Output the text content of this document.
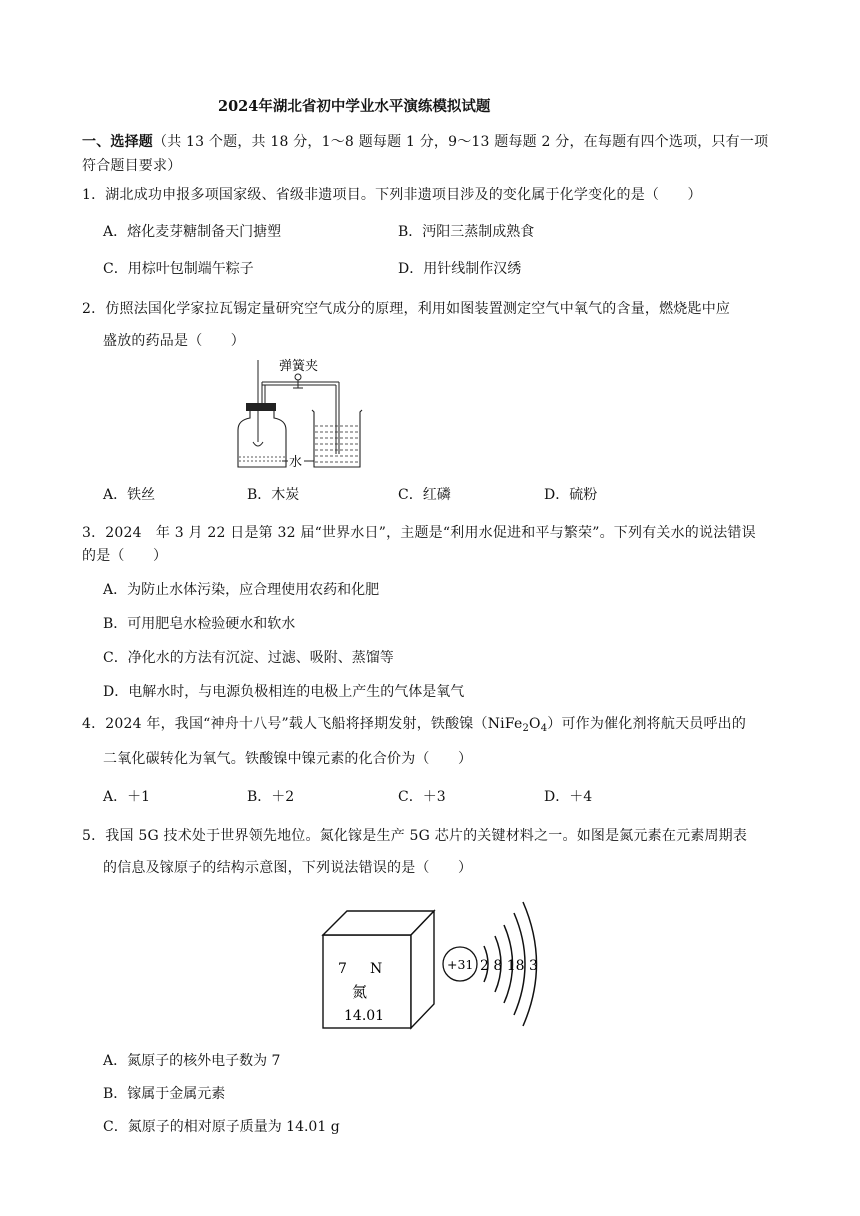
2024年湖北省初中学业水平演练模拟试题
一、选择题（共 13 个题，共 18 分，1～8 题每题 1 分，9～13 题每题 2 分，在每题有四个选项，只有一项
符合题目要求）
1．湖北成功申报多项国家级、省级非遗项目。下列非遗项目涉及的变化属于化学变化的是（　　）
A．熔化麦芽糖制备天门搪塑	B．沔阳三蒸制成熟食
C．用棕叶包制端午粽子	D．用针线制作汉绣
2．仿照法国化学家拉瓦锡定量研究空气成分的原理，利用如图装置测定空气中氧气的含量，燃烧匙中应
盛放的药品是（　　）
弹簧夹
水
A．铁丝	B．木炭	C．红磷	D．硫粉
3．2024　年 3 月 22 日是第 32 届“世界水日”，主题是“利用水促进和平与繁荣”。下列有关水的说法错误
的是（　　）
A．为防止水体污染，应合理使用农药和化肥
B．可用肥皂水检验硬水和软水
C．净化水的方法有沉淀、过滤、吸附、蒸馏等
D．电解水时，与电源负极相连的电极上产生的气体是氧气
4．2024 年，我国“神舟十八号”载人飞船将择期发射，铁酸镍$(NiFe_2O_4)$可作为催化剂将航天员呼出的
二氧化碳转化为氧气。铁酸镍中镍元素的化合价为（　　）
A．＋1	B．＋2	C．＋3	D．＋4
5．我国 5G 技术处于世界领先地位。氮化镓是生产 5G 芯片的关键材料之一。如图是氮元素在元素周期表
的信息及镓原子的结构示意图，下列说法错误的是（　　）
7 N
氮
14.01
+31 2 8 18 3
A．氮原子的核外电子数为 7
B．镓属于金属元素
C．氮原子的相对原子质量为 14.01 g
